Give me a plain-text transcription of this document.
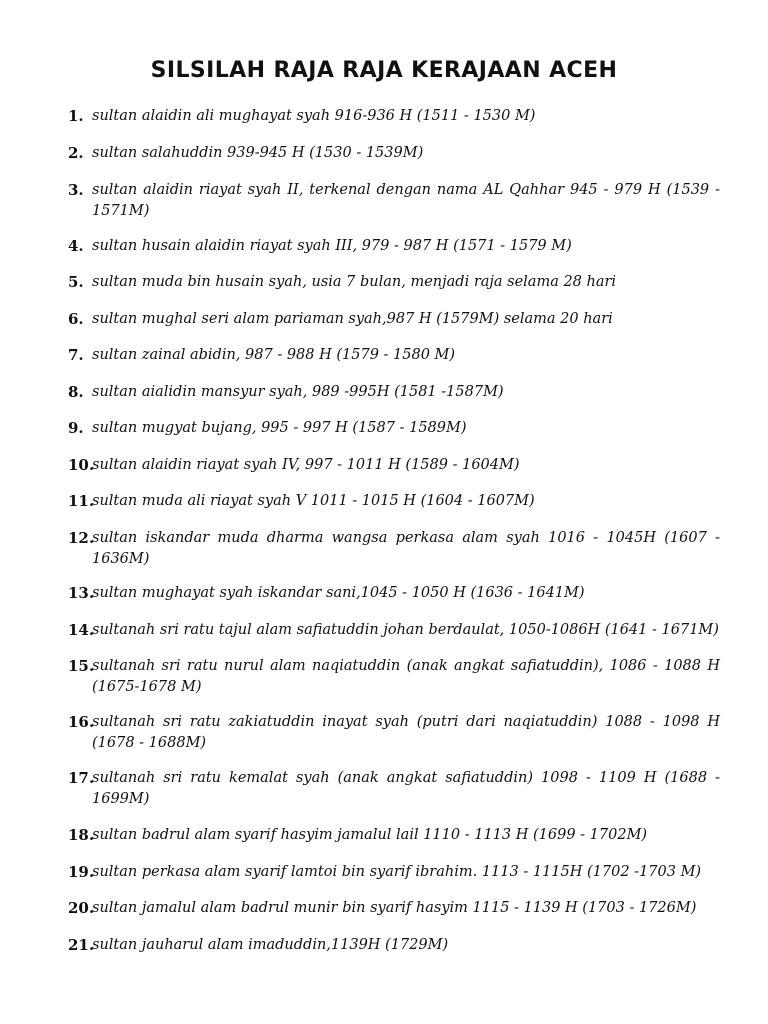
SILSILAH RAJA RAJA KERAJAAN ACEH
1. sultan alaidin ali mughayat syah 916-936 H (1511 - 1530 M)
2. sultan salahuddin 939-945 H (1530 - 1539M)
3. sultan alaidin riayat syah II, terkenal dengan nama AL Qahhar 945 - 979 H (1539 - 1571M)
4. sultan husain alaidin riayat syah III, 979 - 987 H (1571 - 1579 M)
5. sultan muda bin husain syah, usia 7 bulan, menjadi raja selama 28 hari
6. sultan mughal seri alam pariaman syah,987 H (1579M) selama 20 hari
7. sultan zainal abidin, 987 - 988 H (1579 - 1580 M)
8. sultan aialidin mansyur syah, 989 -995H (1581 -1587M)
9. sultan mugyat bujang, 995 - 997 H (1587 - 1589M)
10.
sultan alaidin riayat syah IV, 997 - 1011 H (1589 - 1604M)
11.
sultan muda ali riayat syah V 1011 - 1015 H (1604 - 1607M)
12.
sultan iskandar muda dharma wangsa perkasa alam syah 1016 - 1045H (1607 - 1636M)
13.
sultan mughayat syah iskandar sani,1045 - 1050 H (1636 - 1641M)
14.
sultanah sri ratu tajul alam safiatuddin johan berdaulat, 1050-1086H (1641 - 1671M)
15.
sultanah sri ratu nurul alam naqiatuddin (anak angkat safiatuddin), 1086 - 1088 H (1675-1678 M)
16.
sultanah sri ratu zakiatuddin inayat syah (putri dari naqiatuddin) 1088 - 1098 H (1678 - 1688M)
17.
sultanah sri ratu kemalat syah (anak angkat safiatuddin) 1098 - 1109 H (1688 - 1699M)
18.
sultan badrul alam syarif hasyim jamalul lail 1110 - 1113 H (1699 - 1702M)
19.
sultan perkasa alam syarif lamtoi bin syarif ibrahim. 1113 - 1115H (1702 -1703 M)
20.
sultan jamalul alam badrul munir bin syarif hasyim 1115 - 1139 H (1703 - 1726M)
21.
sultan jauharul alam imaduddin,1139H (1729M)
